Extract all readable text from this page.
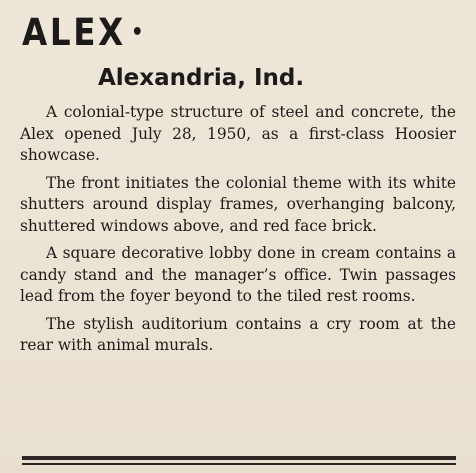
ALEX •
Alexandria, Ind.

A colonial-type structure of steel and concrete, the Alex opened July 28, 1950, as a first-class Hoosier showcase.

The front initiates the colonial theme with its white shutters around display frames, overhanging balcony, shuttered windows above, and red face brick.

A square decorative lobby done in cream contains a candy stand and the manager’s office. Twin passages lead from the foyer beyond to the tiled rest rooms.

The stylish auditorium contains a cry room at the rear with animal murals.
